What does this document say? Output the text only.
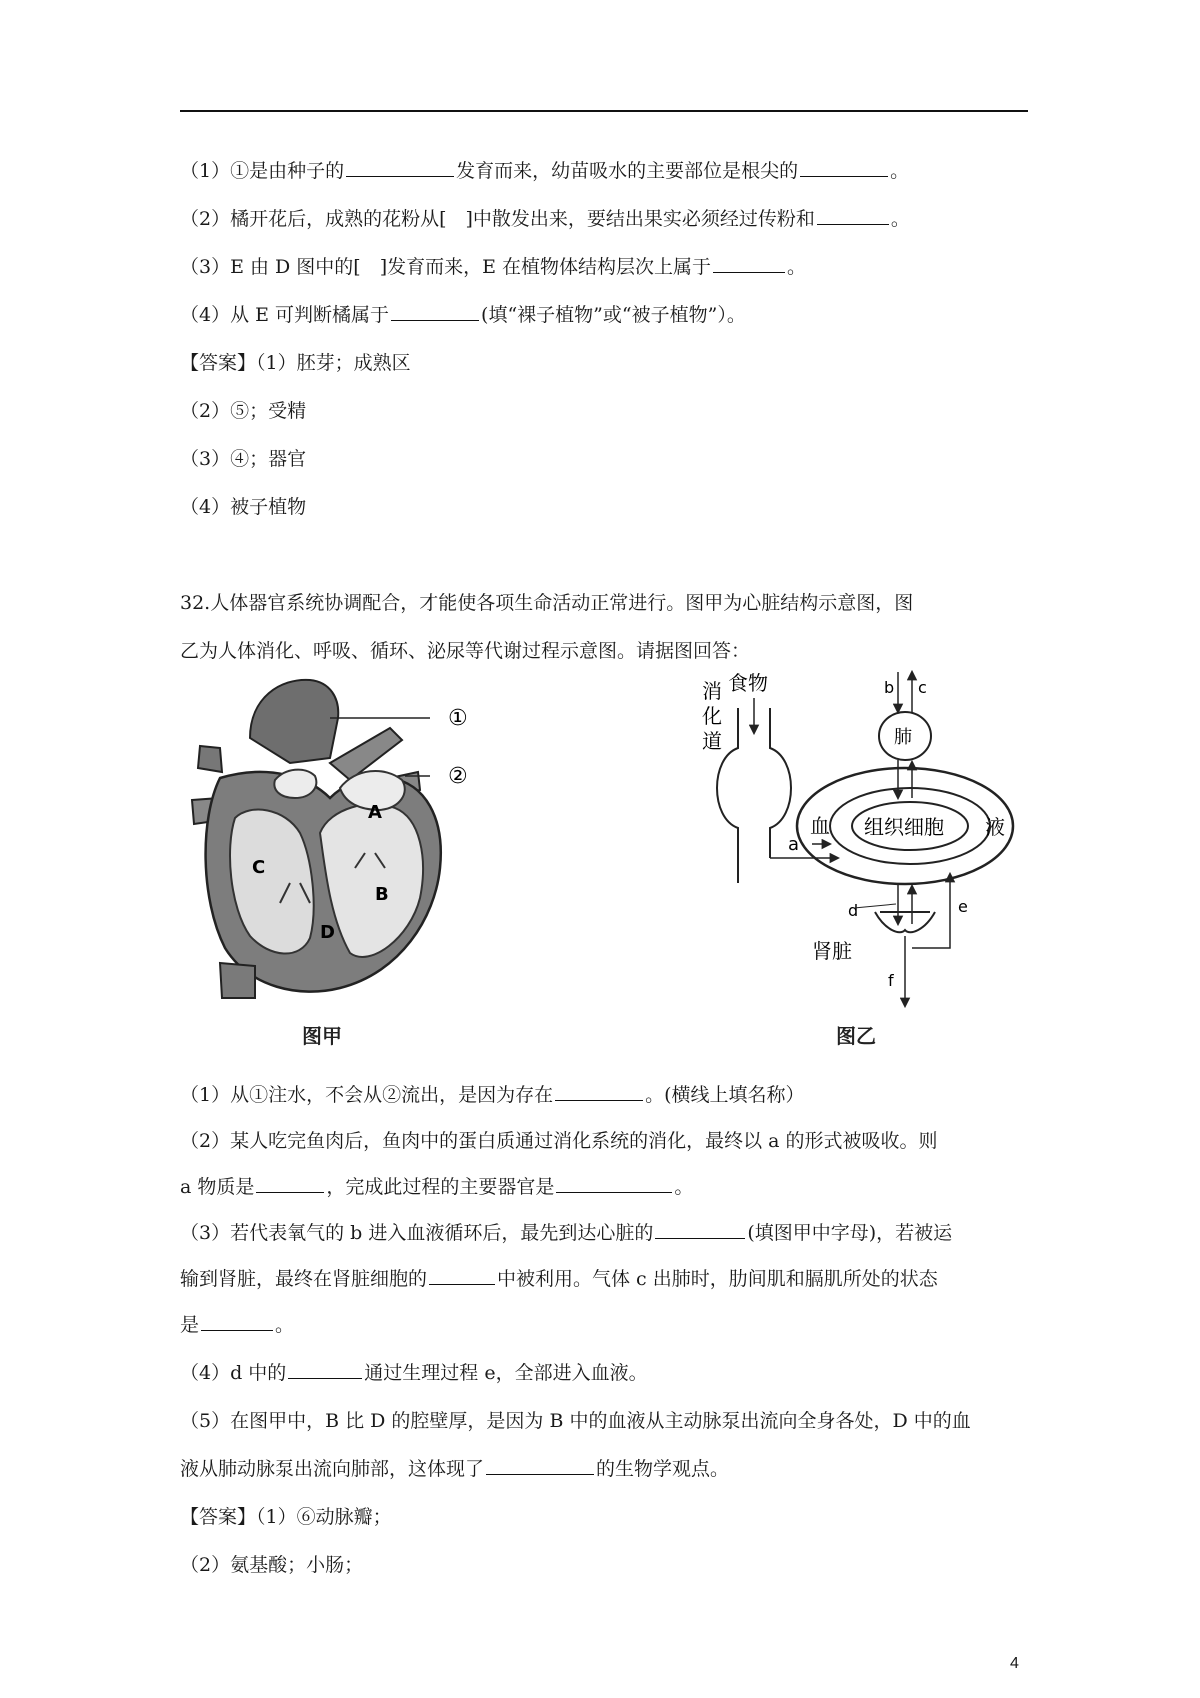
（1）①是由种子的	发育而来，幼苗吸水的主要部位是根尖的	。
（2）橘开花后，成熟的花粉从[　]中散发出来，要结出果实必须经过传粉和	。
（3）E 由 D 图中的[　]发育而来，E 在植物体结构层次上属于	。
（4）从 E 可判断橘属于	(填“裸子植物”或“被子植物”）。
【答案】（1）胚芽；成熟区
（2）⑤；受精
（3）④；器官
（4）被子植物
32.人体器官系统协调配合，才能使各项生命活动正常进行。图甲为心脏结构示意图，图
乙为人体消化、呼吸、循环、泌尿等代谢过程示意图。请据图回答：
①
②
A
B
C
D
图甲
消
化
道
食物
a
血 组织细胞 液
肺
b c
肾脏
d	e
f
图乙
（1）从①注水，不会从②流出，是因为存在	。(横线上填名称）
（2）某人吃完鱼肉后，鱼肉中的蛋白质通过消化系统的消化，最终以 a 的形式被吸收。则
a 物质是	，完成此过程的主要器官是	。
（3）若代表氧气的 b 进入血液循环后，最先到达心脏的	(填图甲中字母)，若被运
输到肾脏，最终在肾脏细胞的	中被利用。气体 c 出肺时，肋间肌和膈肌所处的状态
是	。
（4）d 中的	通过生理过程 e，全部进入血液。
（5）在图甲中，B 比 D 的腔壁厚，是因为 B 中的血液从主动脉泵出流向全身各处，D 中的血
液从肺动脉泵出流向肺部，这体现了	的生物学观点。
【答案】（1）⑥动脉瓣；
（2）氨基酸；小肠；
4
